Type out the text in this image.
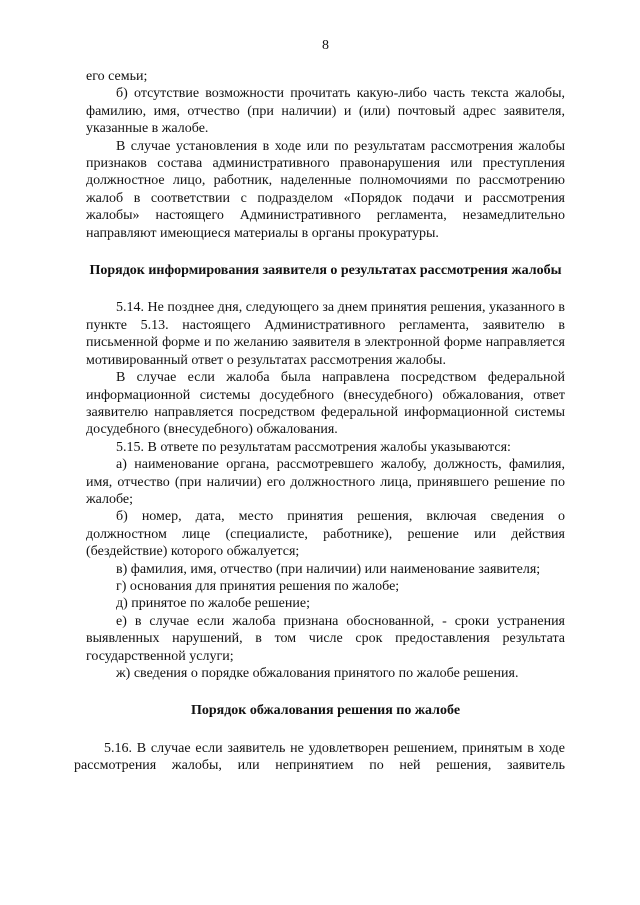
8

его семьи;

б) отсутствие возможности прочитать какую-либо часть текста жалобы, фамилию, имя, отчество (при наличии) и (или) почтовый адрес заявителя, указанные в жалобе.

В случае установления в ходе или по результатам рассмотрения жалобы признаков состава административного правонарушения или преступления должностное лицо, работник, наделенные полномочиями по рассмотрению жалоб в соответствии с подразделом «Порядок подачи и рассмотрения жалобы» настоящего Административного регламента, незамедлительно направляют имеющиеся материалы в органы прокуратуры.

Порядок информирования заявителя о результатах рассмотрения жалобы

5.14. Не позднее дня, следующего за днем принятия решения, указанного в пункте 5.13. настоящего Административного регламента, заявителю в письменной форме и по желанию заявителя в электронной форме направляется мотивированный ответ о результатах рассмотрения жалобы.

В случае если жалоба была направлена посредством федеральной информационной системы досудебного (внесудебного) обжалования, ответ заявителю направляется посредством федеральной информационной системы досудебного (внесудебного) обжалования.

5.15. В ответе по результатам рассмотрения жалобы указываются:

а) наименование органа, рассмотревшего жалобу, должность, фамилия, имя, отчество (при наличии) его должностного лица, принявшего решение по жалобе;

б) номер, дата, место принятия решения, включая сведения о должностном лице (специалисте, работнике), решение или действия (бездействие) которого обжалуется;

в) фамилия, имя, отчество (при наличии) или наименование заявителя;

г) основания для принятия решения по жалобе;

д) принятое по жалобе решение;

е) в случае если жалоба признана обоснованной, - сроки устранения выявленных нарушений, в том числе срок предоставления результата государственной услуги;

ж) сведения о порядке обжалования принятого по жалобе решения.

Порядок обжалования решения по жалобе

5.16. В случае если заявитель не удовлетворен решением, принятым в ходе рассмотрения жалобы, или непринятием по ней решения, заявитель
